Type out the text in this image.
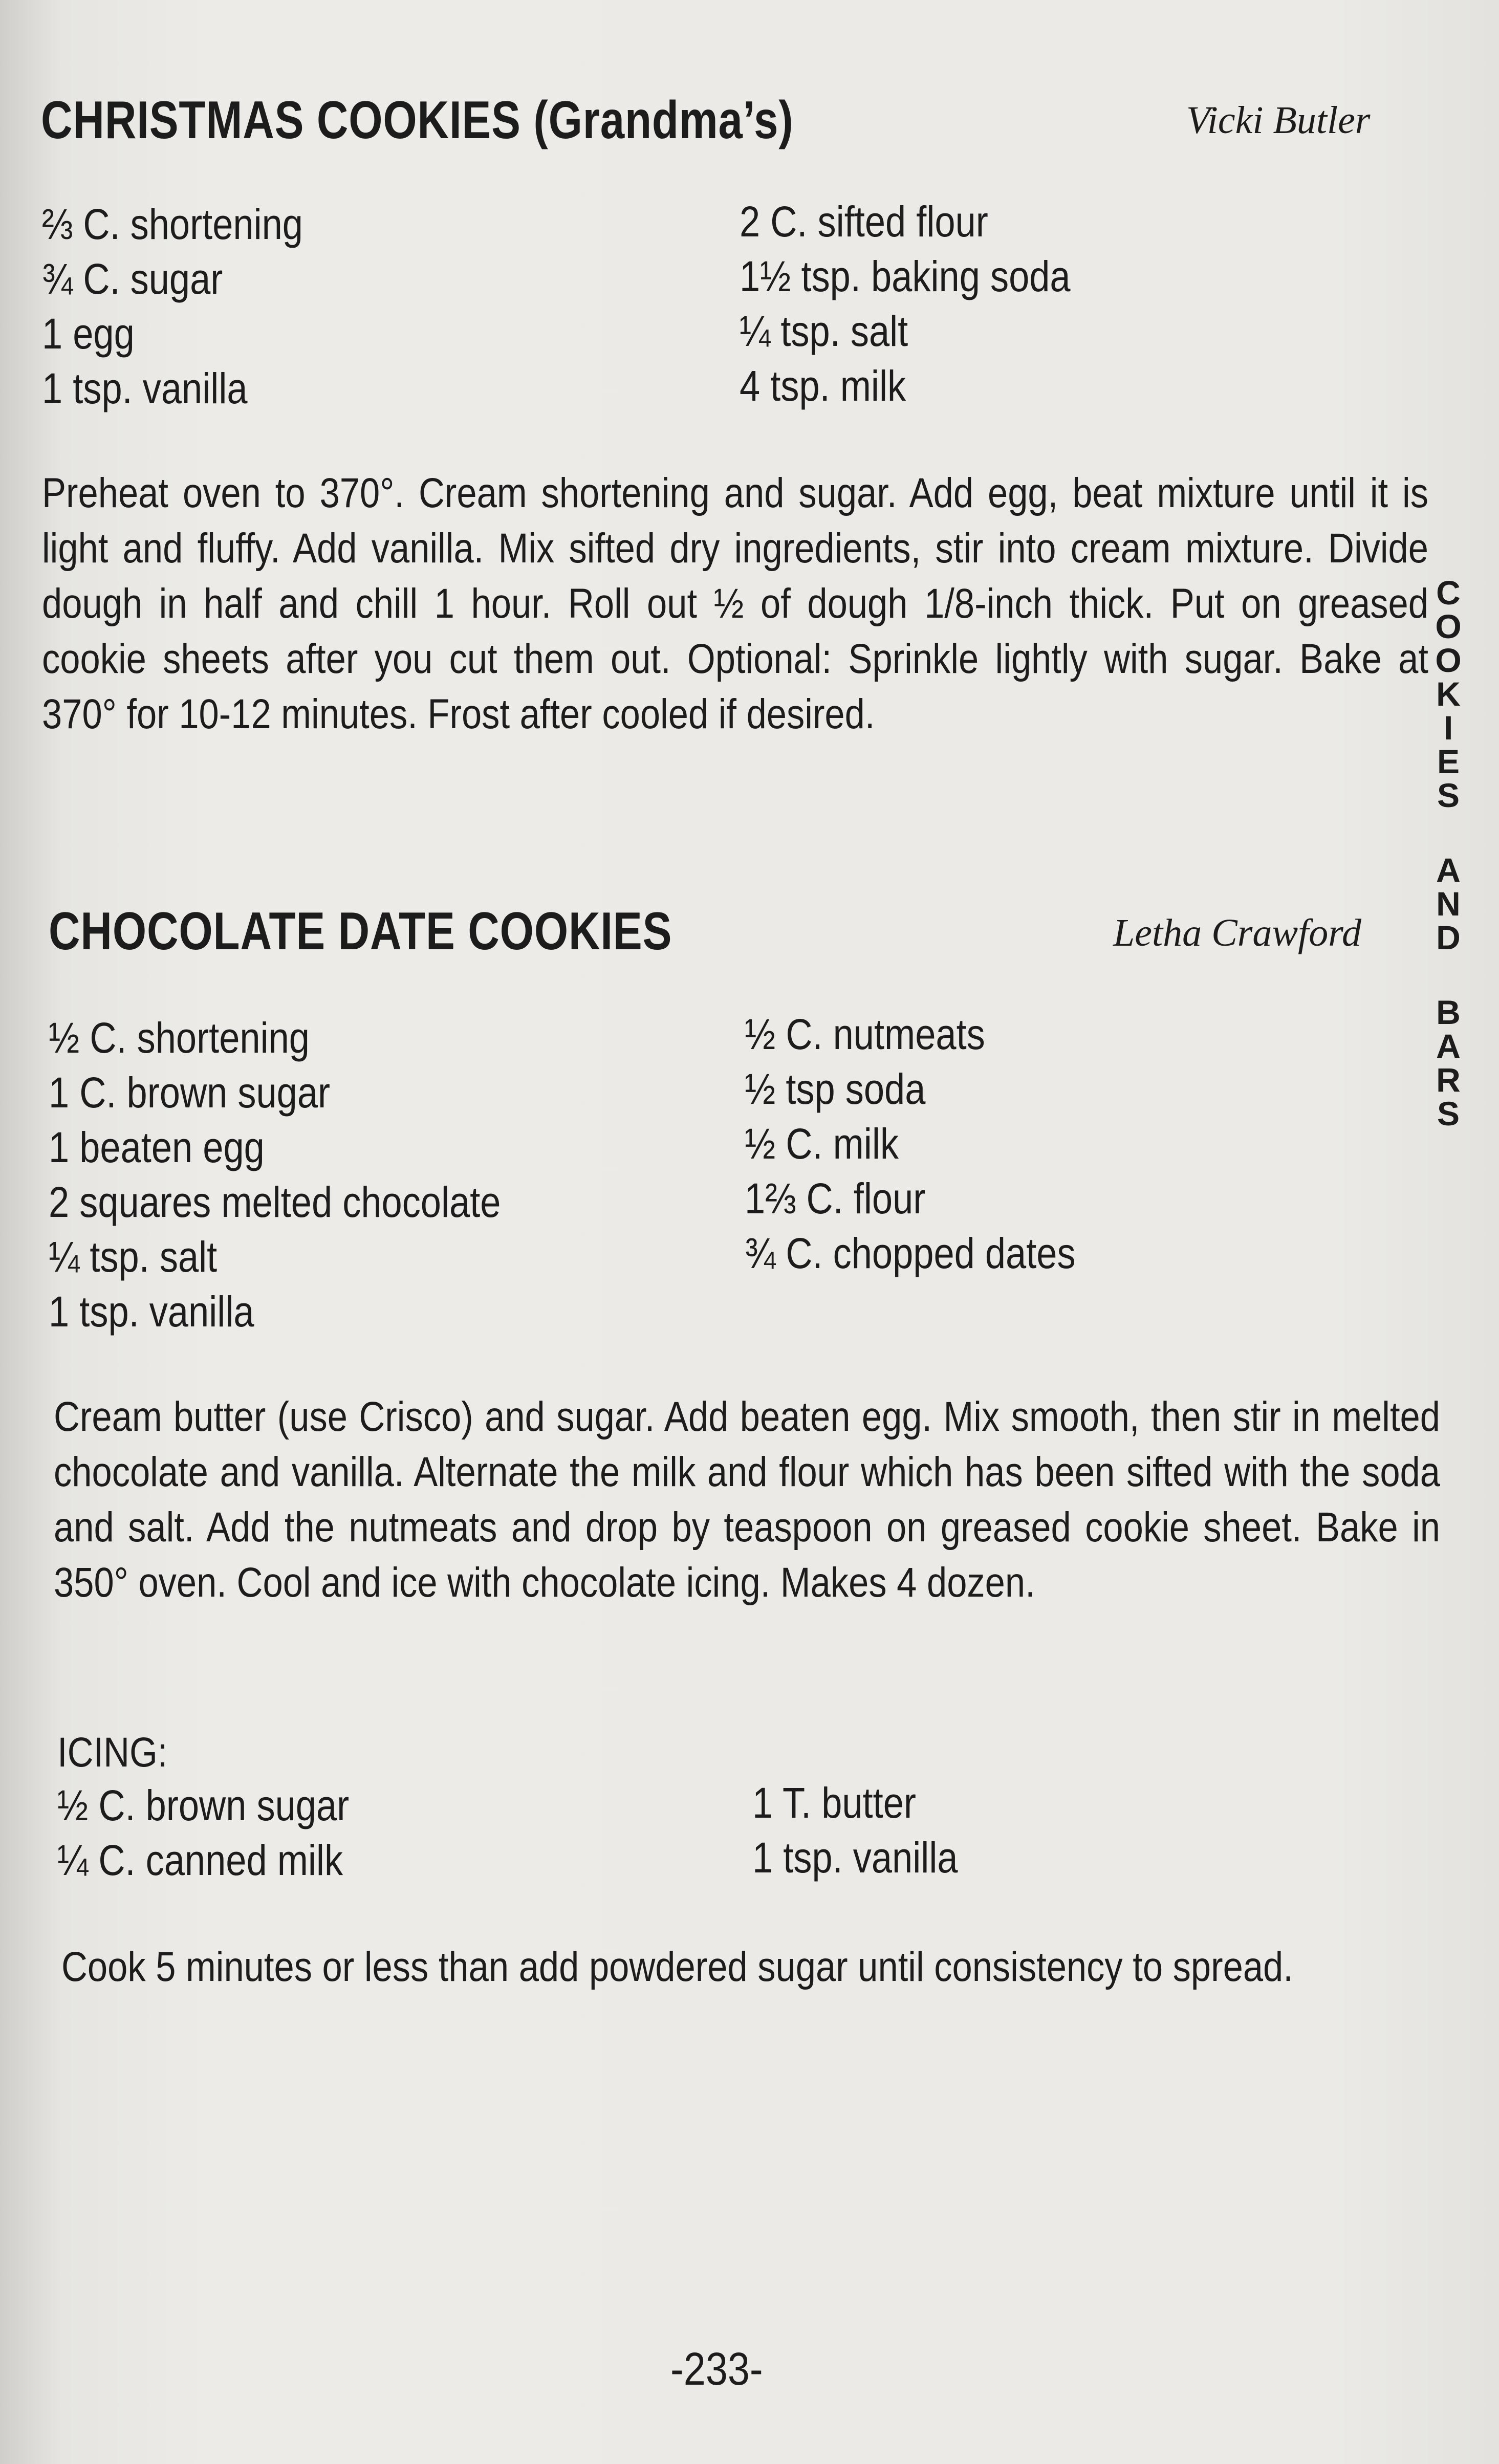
CHRISTMAS COOKIES (Grandma’s)	Vicki Butler
⅔ C. shortening
¾ C. sugar
1 egg
1 tsp. vanilla
2 C. sifted flour
1½ tsp. baking soda
¼ tsp. salt
4 tsp. milk
Preheat oven to 370°. Cream shortening and sugar. Add egg, beat mixture until it is light and fluffy. Add vanilla. Mix sifted dry ingredients, stir into cream mixture. Divide dough in half and chill 1 hour. Roll out ½ of dough 1/8-inch thick. Put on greased cookie sheets after you cut them out. Optional: Sprinkle lightly with sugar. Bake at 370° for 10-12 minutes. Frost after cooled if desired.
CHOCOLATE DATE COOKIES	Letha Crawford
½ C. shortening
1 C. brown sugar
1 beaten egg
2 squares melted chocolate
¼ tsp. salt
1 tsp. vanilla
½ C. nutmeats
½ tsp soda
½ C. milk
1⅔ C. flour
¾ C. chopped dates
Cream butter (use Crisco) and sugar. Add beaten egg. Mix smooth, then stir in melted chocolate and vanilla. Alternate the milk and flour which has been sifted with the soda and salt. Add the nutmeats and drop by teaspoon on greased cookie sheet. Bake in 350° oven. Cool and ice with chocolate icing. Makes 4 dozen.
ICING:
½ C. brown sugar
¼ C. canned milk
1 T. butter
1 tsp. vanilla
Cook 5 minutes or less than add powdered sugar until consistency to spread.
C
O
O
K
I
E
S
A
N
D
B
A
R
S
-233-
